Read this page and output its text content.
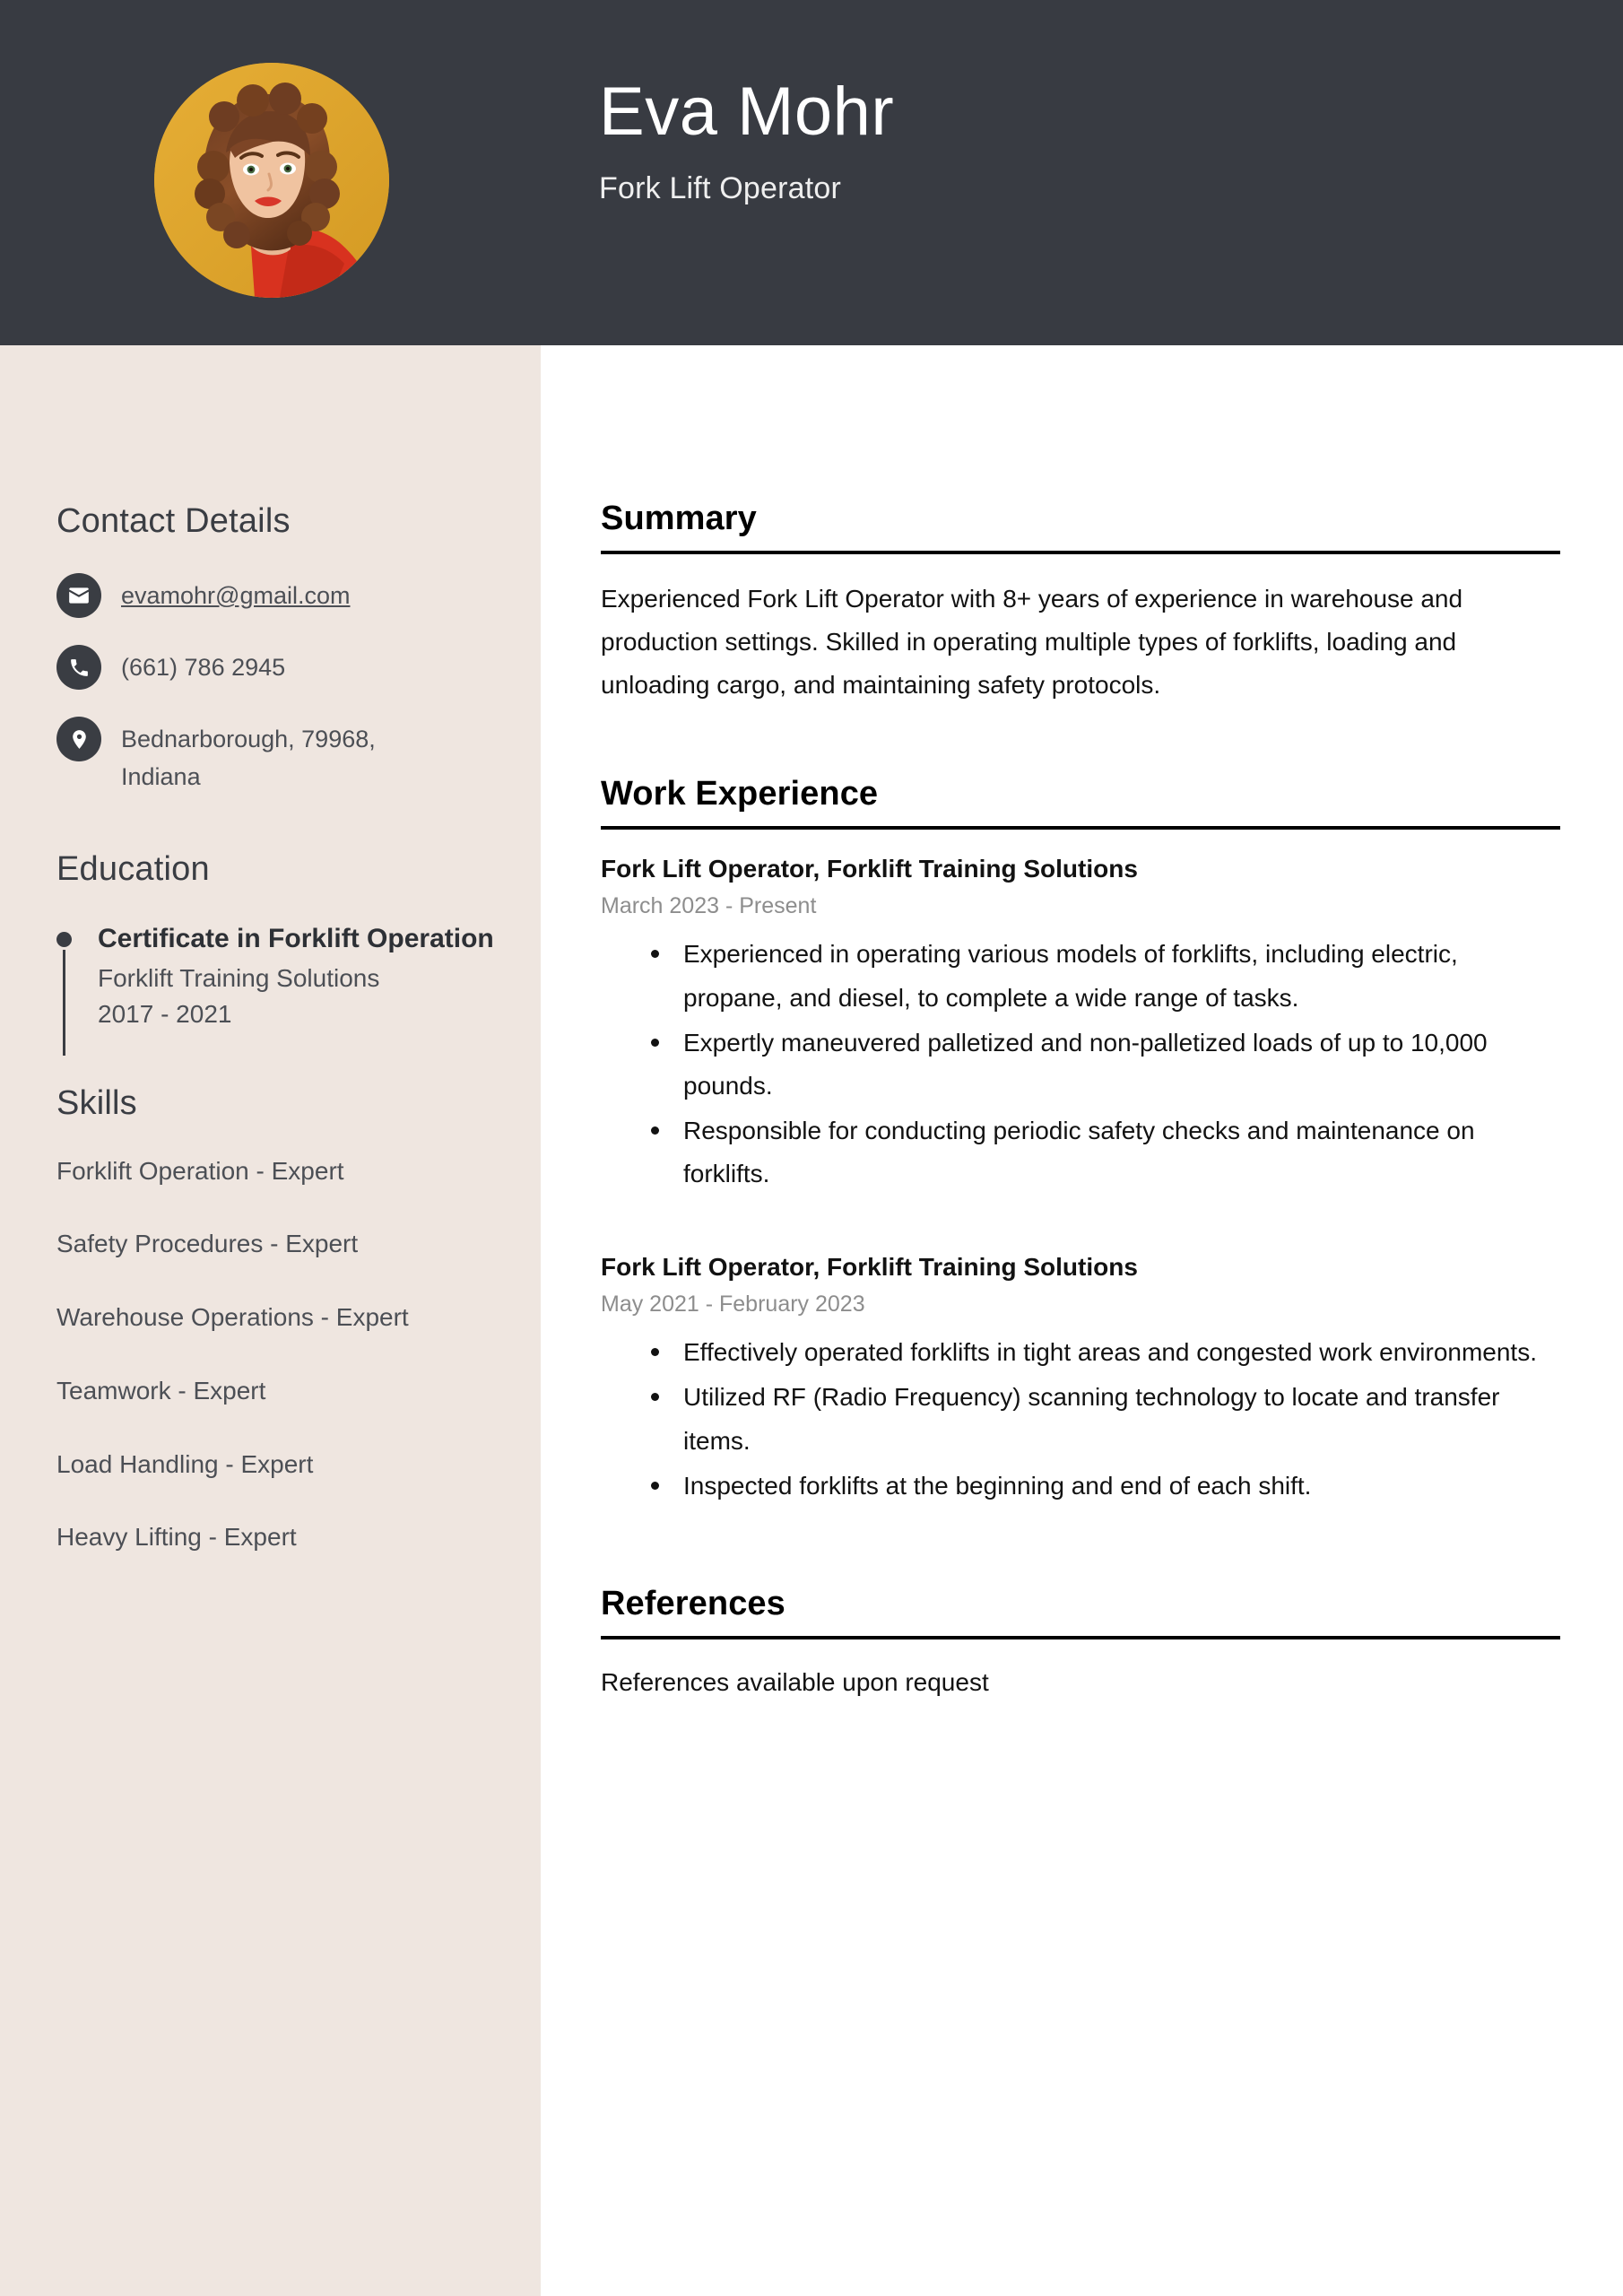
Eva Mohr
Fork Lift Operator
Contact Details
evamohr@gmail.com
(661) 786 2945
Bednarborough, 79968, Indiana
Education
Certificate in Forklift Operation
Forklift Training Solutions
2017 - 2021
Skills
Forklift Operation - Expert
Safety Procedures - Expert
Warehouse Operations - Expert
Teamwork - Expert
Load Handling - Expert
Heavy Lifting - Expert
Summary
Experienced Fork Lift Operator with 8+ years of experience in warehouse and production settings. Skilled in operating multiple types of forklifts, loading and unloading cargo, and maintaining safety protocols.
Work Experience
Fork Lift Operator, Forklift Training Solutions
March 2023 - Present
Experienced in operating various models of forklifts, including electric, propane, and diesel, to complete a wide range of tasks.
Expertly maneuvered palletized and non-palletized loads of up to 10,000 pounds.
Responsible for conducting periodic safety checks and maintenance on forklifts.
Fork Lift Operator, Forklift Training Solutions
May 2021 - February 2023
Effectively operated forklifts in tight areas and congested work environments.
Utilized RF (Radio Frequency) scanning technology to locate and transfer items.
Inspected forklifts at the beginning and end of each shift.
References
References available upon request
